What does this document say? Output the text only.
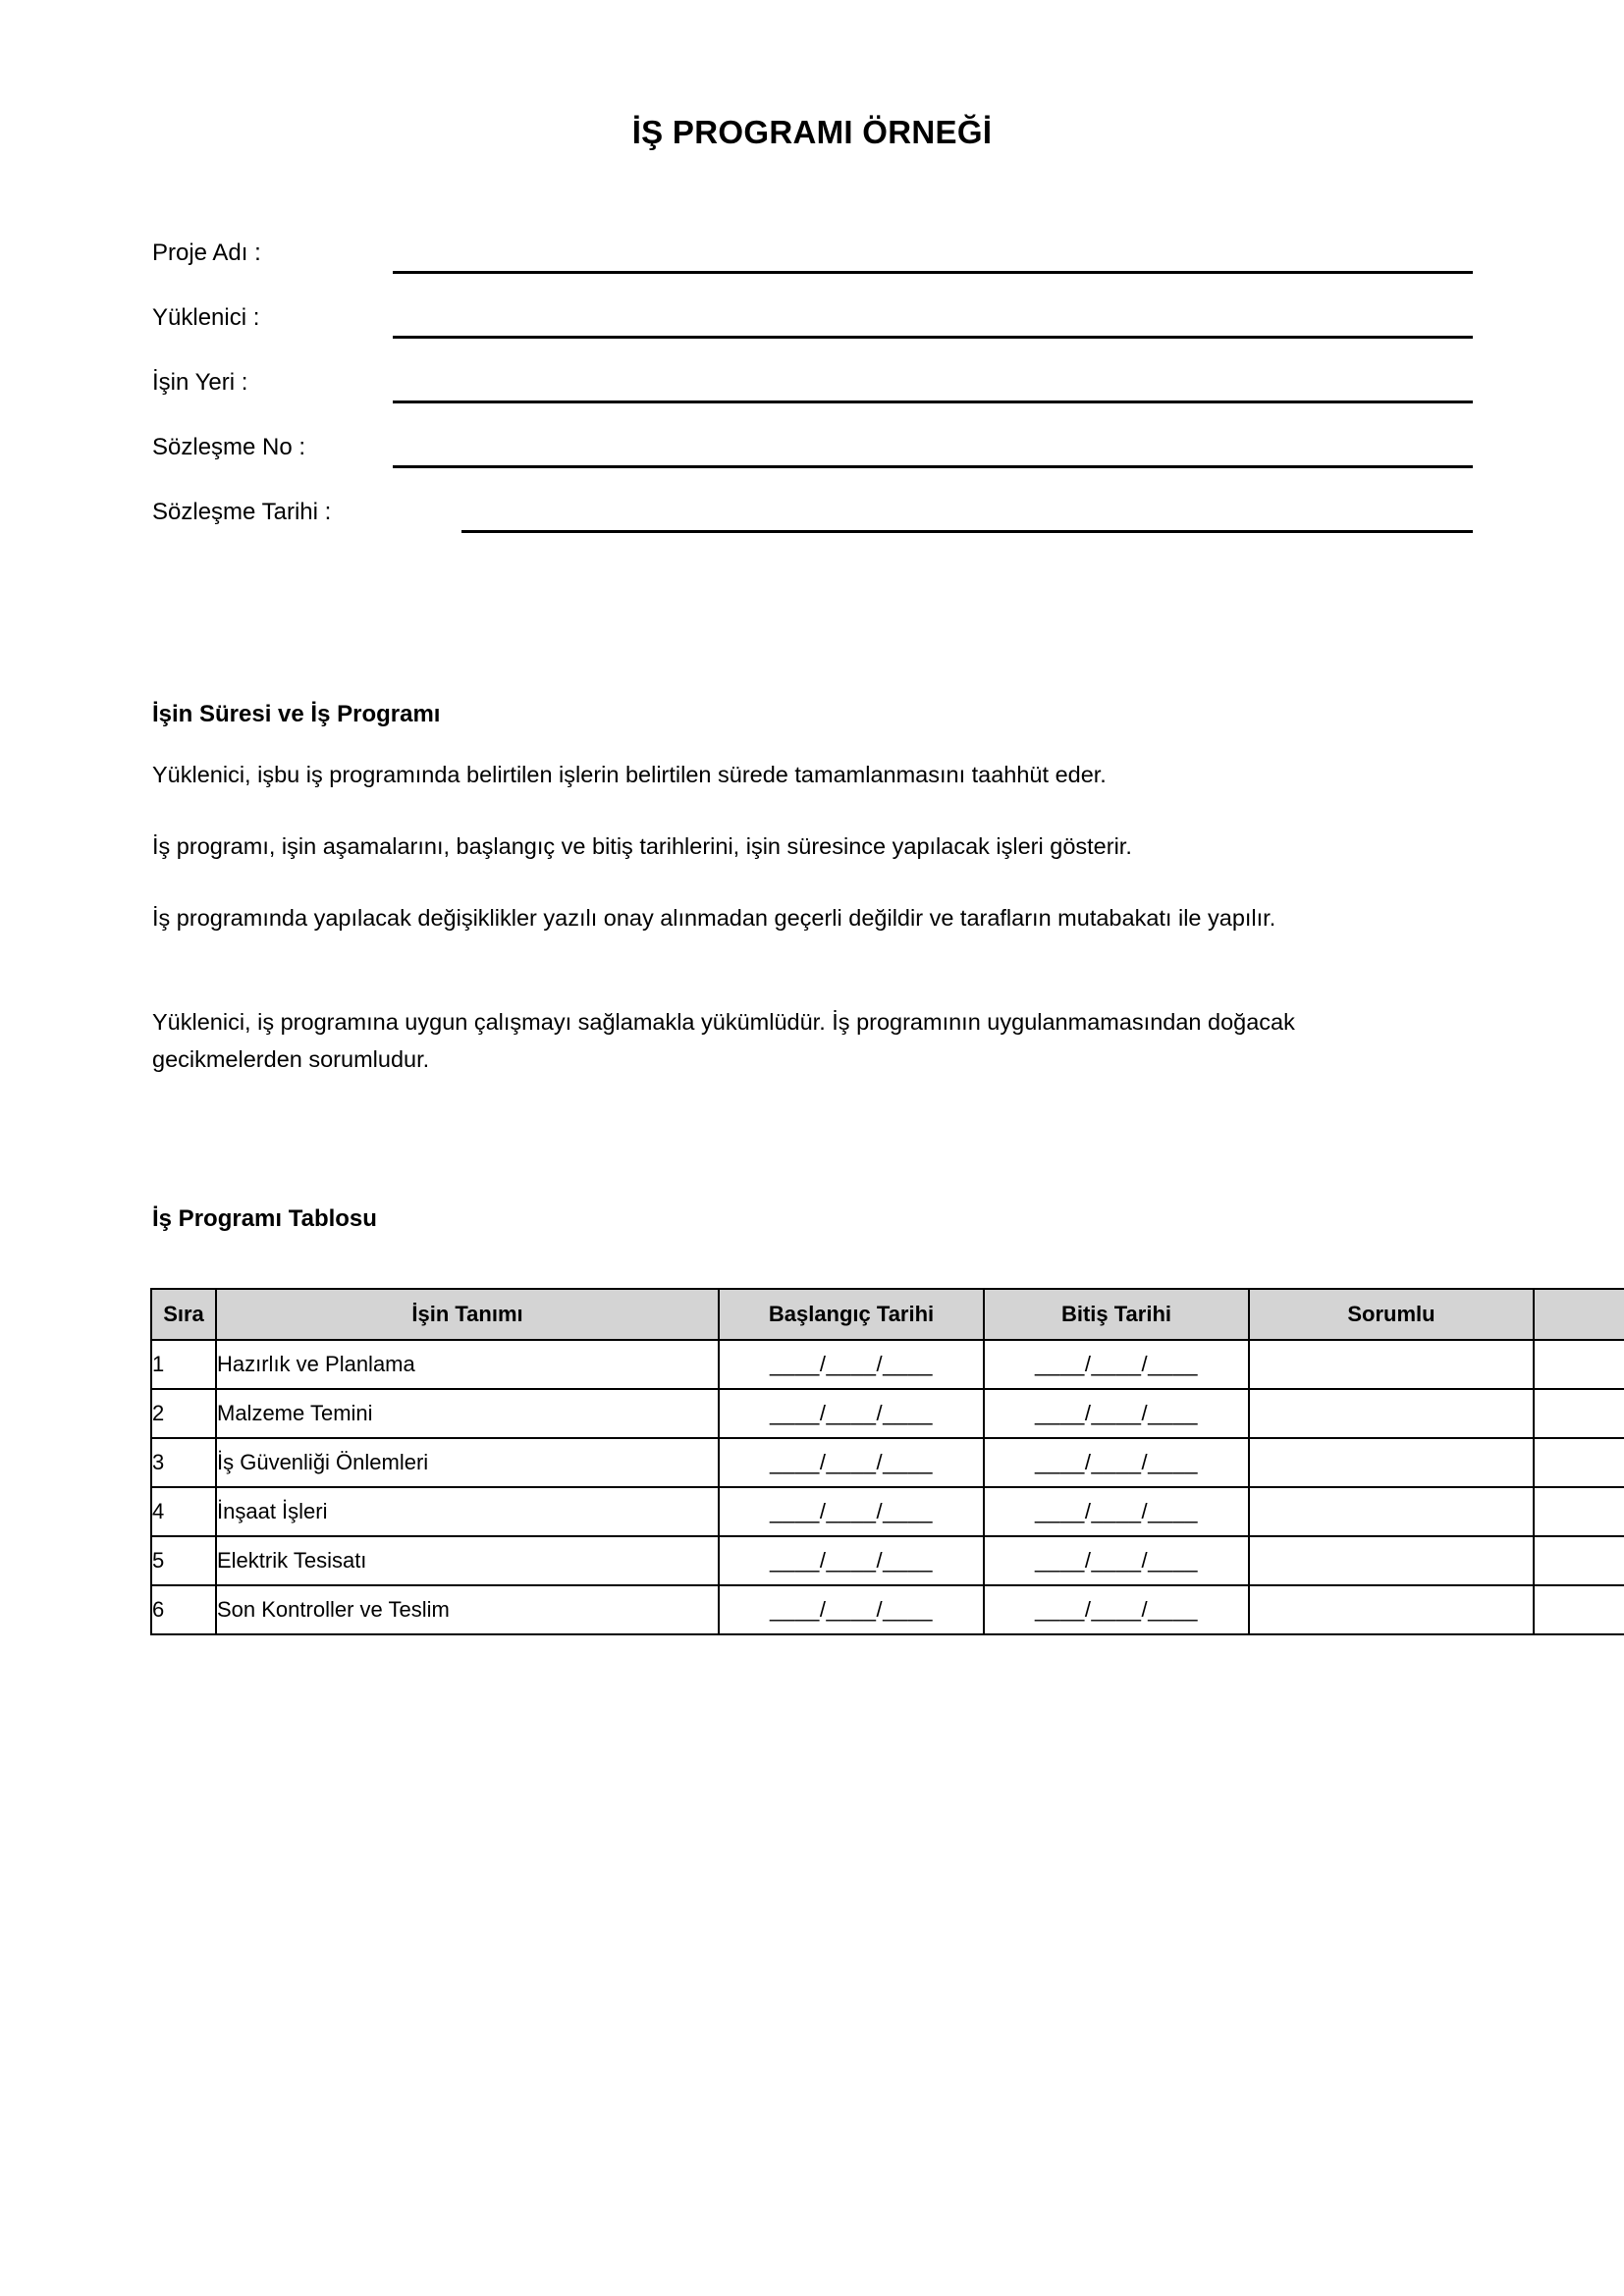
İŞ PROGRAMI ÖRNEĞİ
Proje Adı :
Yüklenici :
İşin Yeri :
Sözleşme No :
Sözleşme Tarihi :
İşin Süresi ve İş Programı
Yüklenici, işbu iş programında belirtilen işlerin belirtilen sürede tamamlanmasını taahhüt eder.
İş programı, işin aşamalarını, başlangıç ve bitiş tarihlerini, işin süresince yapılacak işleri gösterir.
İş programında yapılacak değişiklikler yazılı onay alınmadan geçerli değildir ve tarafların mutabakatı ile yapılır.
Yüklenici, iş programına uygun çalışmayı sağlamakla yükümlüdür. İş programının uygulanmamasından doğacak gecikmelerden sorumludur.
İş Programı Tablosu
Sıra	İşin Tanımı	Başlangıç Tarihi	Bitiş Tarihi	Sorumlu	
1	Hazırlık ve Planlama	____/____/____	____/____/____		
2	Malzeme Temini	____/____/____	____/____/____		
3	İş Güvenliği Önlemleri	____/____/____	____/____/____		
4	İnşaat İşleri	____/____/____	____/____/____		
5	Elektrik Tesisatı	____/____/____	____/____/____		
6	Son Kontroller ve Teslim	____/____/____	____/____/____		
